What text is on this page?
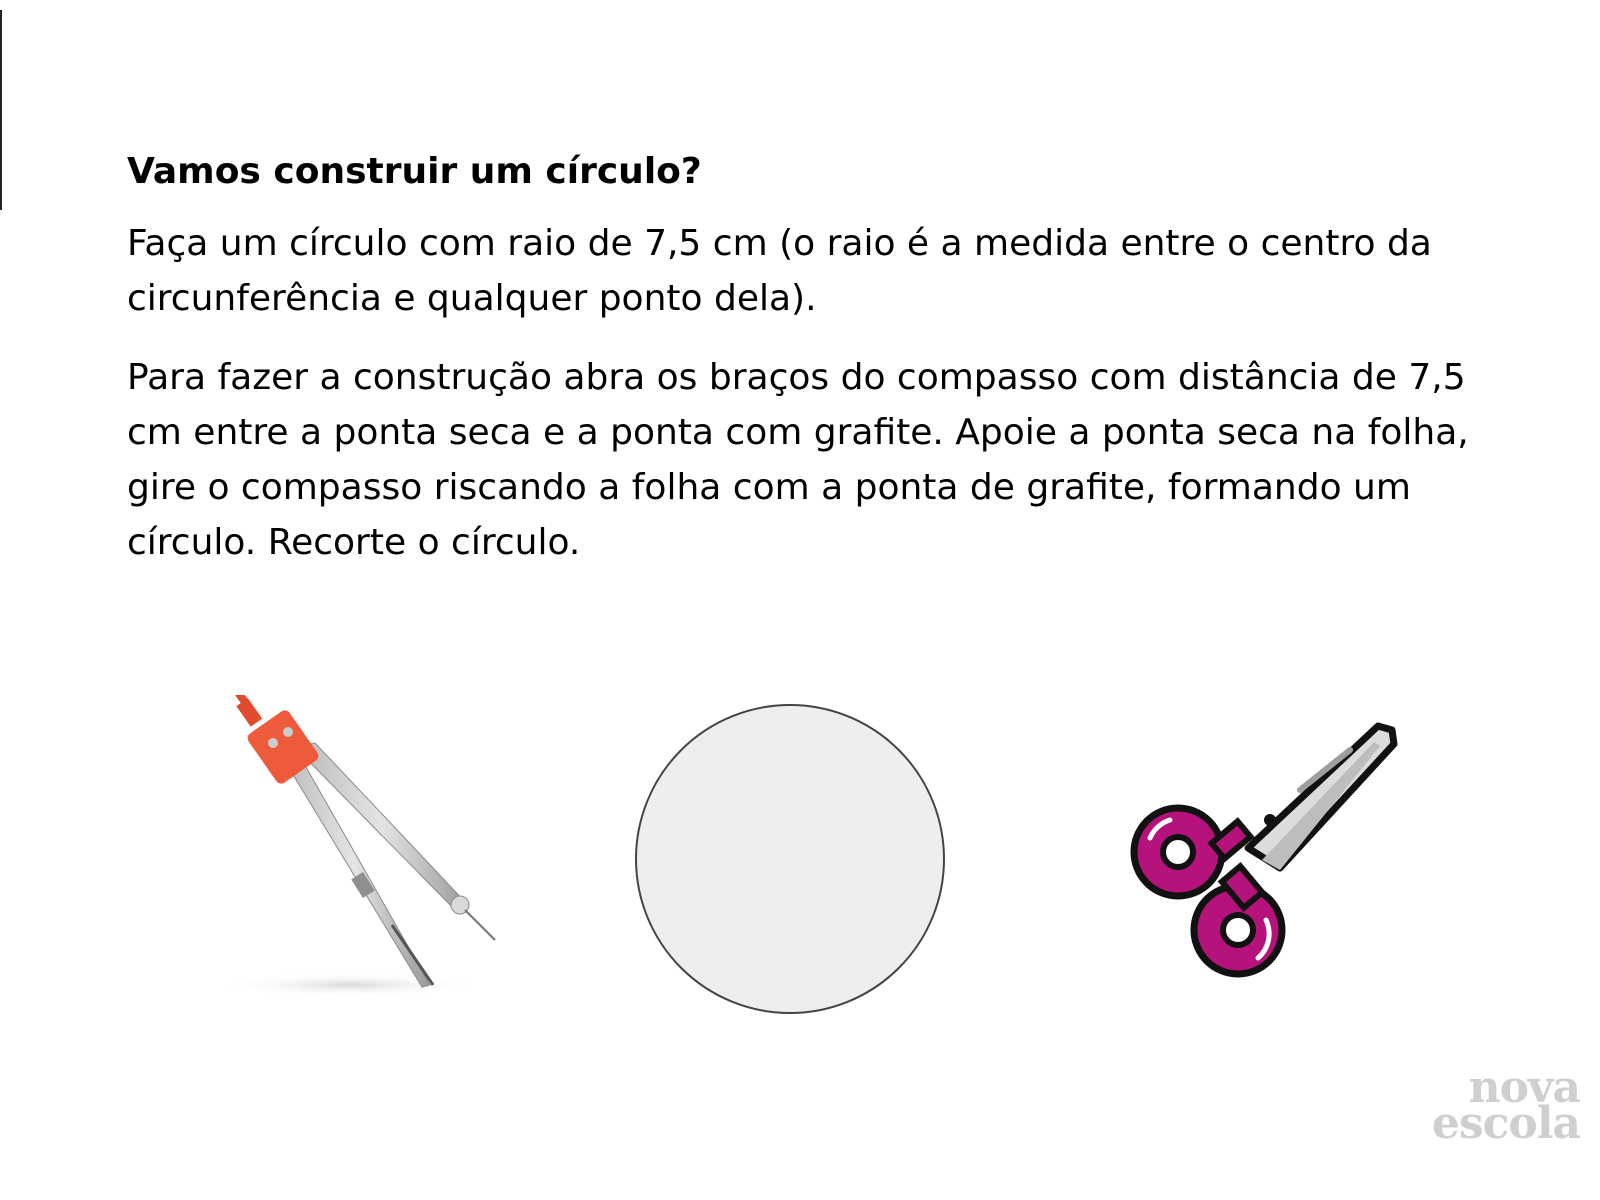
Vamos construir um círculo?

Faça um círculo com raio de 7,5 cm (o raio é a medida entre o centro da circunferência e qualquer ponto dela).

Para fazer a construção abra os braços do compasso com distância de 7,5 cm entre a ponta seca e a ponta com grafite. Apoie a ponta seca na folha, gire o compasso riscando a folha com a ponta de grafite, formando um círculo. Recorte o círculo.

nova
escola
